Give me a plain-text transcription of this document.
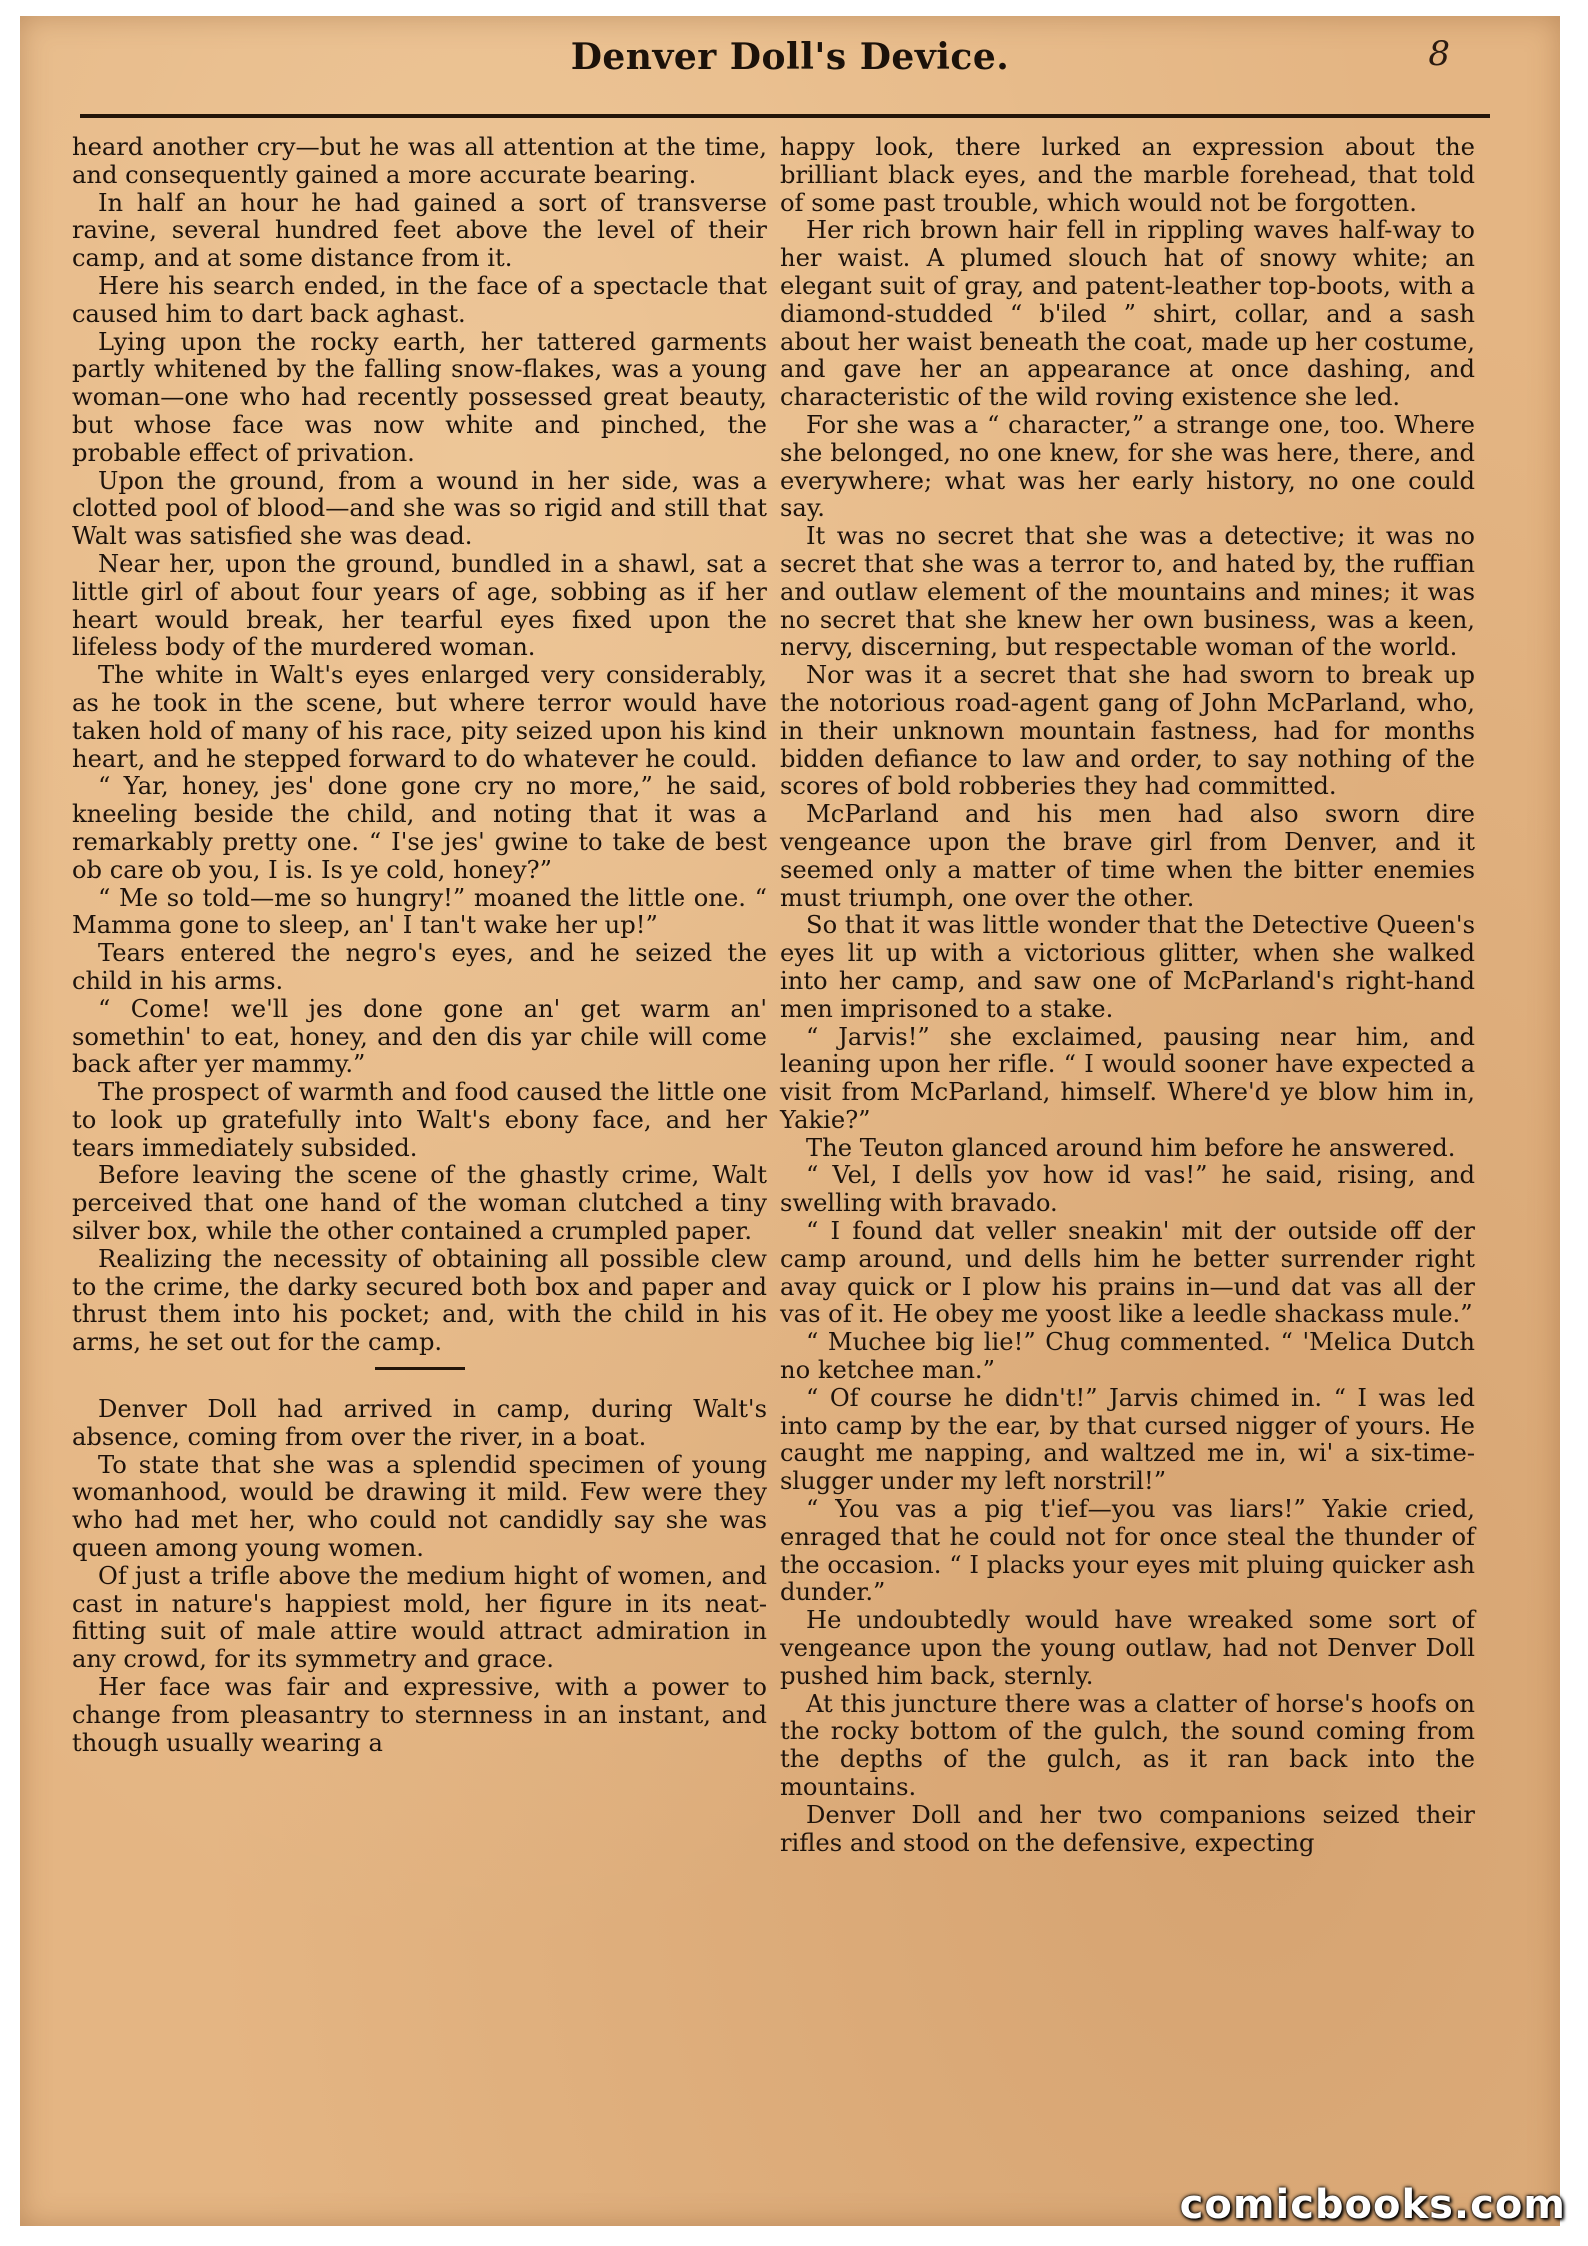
Denver Doll's Device.	8

heard another cry—but he was all attention at the time, and consequently gained a more accurate bearing.

In half an hour he had gained a sort of transverse ravine, several hundred feet above the level of their camp, and at some distance from it.

Here his search ended, in the face of a spectacle that caused him to dart back aghast.

Lying upon the rocky earth, her tattered garments partly whitened by the falling snow-flakes, was a young woman—one who had recently possessed great beauty, but whose face was now white and pinched, the probable effect of privation.

Upon the ground, from a wound in her side, was a clotted pool of blood—and she was so rigid and still that Walt was satisfied she was dead.

Near her, upon the ground, bundled in a shawl, sat a little girl of about four years of age, sobbing as if her heart would break, her tearful eyes fixed upon the lifeless body of the murdered woman.

The white in Walt's eyes enlarged very considerably, as he took in the scene, but where terror would have taken hold of many of his race, pity seized upon his kind heart, and he stepped forward to do whatever he could.

“ Yar, honey, jes' done gone cry no more,” he said, kneeling beside the child, and noting that it was a remarkably pretty one. “ I'se jes' gwine to take de best ob care ob you, I is. Is ye cold, honey?”

“ Me so told—me so hungry!” moaned the little one. “ Mamma gone to sleep, an' I tan't wake her up!”

Tears entered the negro's eyes, and he seized the child in his arms.

“ Come! we'll jes done gone an' get warm an' somethin' to eat, honey, and den dis yar chile will come back after yer mammy.”

The prospect of warmth and food caused the little one to look up gratefully into Walt's ebony face, and her tears immediately subsided.

Before leaving the scene of the ghastly crime, Walt perceived that one hand of the woman clutched a tiny silver box, while the other contained a crumpled paper.

Realizing the necessity of obtaining all possible clew to the crime, the darky secured both box and paper and thrust them into his pocket; and, with the child in his arms, he set out for the camp.

Denver Doll had arrived in camp, during Walt's absence, coming from over the river, in a boat.

To state that she was a splendid specimen of young womanhood, would be drawing it mild. Few were they who had met her, who could not candidly say she was queen among young women.

Of just a trifle above the medium hight of women, and cast in nature's happiest mold, her figure in its neat-fitting suit of male attire would attract admiration in any crowd, for its symmetry and grace.

Her face was fair and expressive, with a power to change from pleasantry to sternness in an instant, and though usually wearing a

happy look, there lurked an expression about the brilliant black eyes, and the marble forehead, that told of some past trouble, which would not be forgotten.

Her rich brown hair fell in rippling waves half-way to her waist. A plumed slouch hat of snowy white; an elegant suit of gray, and patent-leather top-boots, with a diamond-studded “ b'iled ” shirt, collar, and a sash about her waist beneath the coat, made up her costume, and gave her an appearance at once dashing, and characteristic of the wild roving existence she led.

For she was a “ character,” a strange one, too. Where she belonged, no one knew, for she was here, there, and everywhere; what was her early history, no one could say.

It was no secret that she was a detective; it was no secret that she was a terror to, and hated by, the ruffian and outlaw element of the mountains and mines; it was no secret that she knew her own business, was a keen, nervy, discerning, but respectable woman of the world.

Nor was it a secret that she had sworn to break up the notorious road-agent gang of John McParland, who, in their unknown mountain fastness, had for months bidden defiance to law and order, to say nothing of the scores of bold robberies they had committed.

McParland and his men had also sworn dire vengeance upon the brave girl from Denver, and it seemed only a matter of time when the bitter enemies must triumph, one over the other.

So that it was little wonder that the Detective Queen's eyes lit up with a victorious glitter, when she walked into her camp, and saw one of McParland's right-hand men imprisoned to a stake.

“ Jarvis!” she exclaimed, pausing near him, and leaning upon her rifle. “ I would sooner have expected a visit from McParland, himself. Where'd ye blow him in, Yakie?”

The Teuton glanced around him before he answered.

“ Vel, I dells yov how id vas!” he said, rising, and swelling with bravado.

“ I found dat veller sneakin' mit der outside off der camp around, und dells him he better surrender right avay quick or I plow his prains in—und dat vas all der vas of it. He obey me yoost like a leedle shackass mule.”

“ Muchee big lie!” Chug commented. “ 'Melica Dutch no ketchee man.”

“ Of course he didn't!” Jarvis chimed in. “ I was led into camp by the ear, by that cursed nigger of yours. He caught me napping, and waltzed me in, wi' a six-time-slugger under my left norstril!”

“ You vas a pig t'ief—you vas liars!” Yakie cried, enraged that he could not for once steal the thunder of the occasion. “ I placks your eyes mit pluing quicker ash dunder.”

He undoubtedly would have wreaked some sort of vengeance upon the young outlaw, had not Denver Doll pushed him back, sternly.

At this juncture there was a clatter of horse's hoofs on the rocky bottom of the gulch, the sound coming from the depths of the gulch, as it ran back into the mountains.

Denver Doll and her two companions seized their rifles and stood on the defensive, expecting

comicbooks.com
